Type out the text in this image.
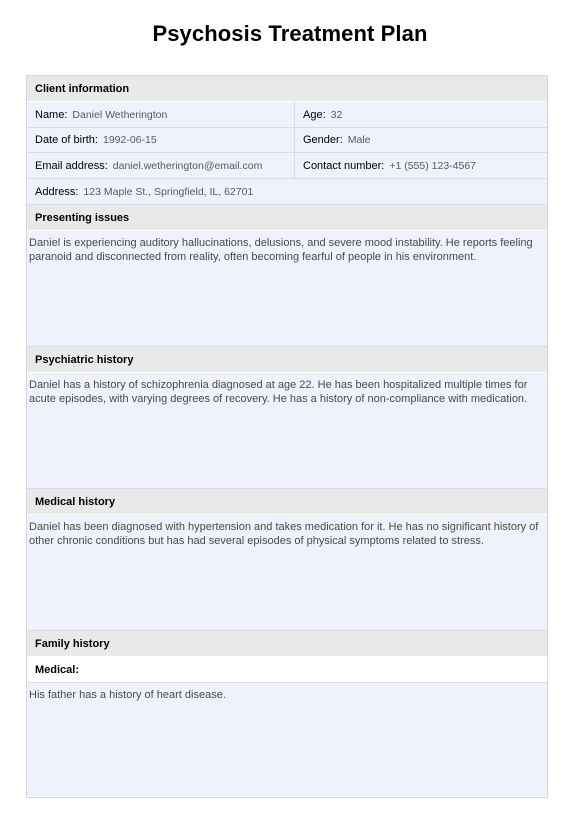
Psychosis Treatment Plan
Client information
Name: Daniel Wetherington	Age: 32
Date of birth: 1992-06-15	Gender: Male
Email address: daniel.wetherington@email.com	Contact number: +1 (555) 123-4567
Address: 123 Maple St., Springfield, IL, 62701
Presenting issues
Daniel is experiencing auditory hallucinations, delusions, and severe mood instability. He reports feeling paranoid and disconnected from reality, often becoming fearful of people in his environment.
Psychiatric history
Daniel has a history of schizophrenia diagnosed at age 22. He has been hospitalized multiple times for acute episodes, with varying degrees of recovery. He has a history of non-compliance with medication.
Medical history
Daniel has been diagnosed with hypertension and takes medication for it. He has no significant history of other chronic conditions but has had several episodes of physical symptoms related to stress.
Family history
Medical:
His father has a history of heart disease.
